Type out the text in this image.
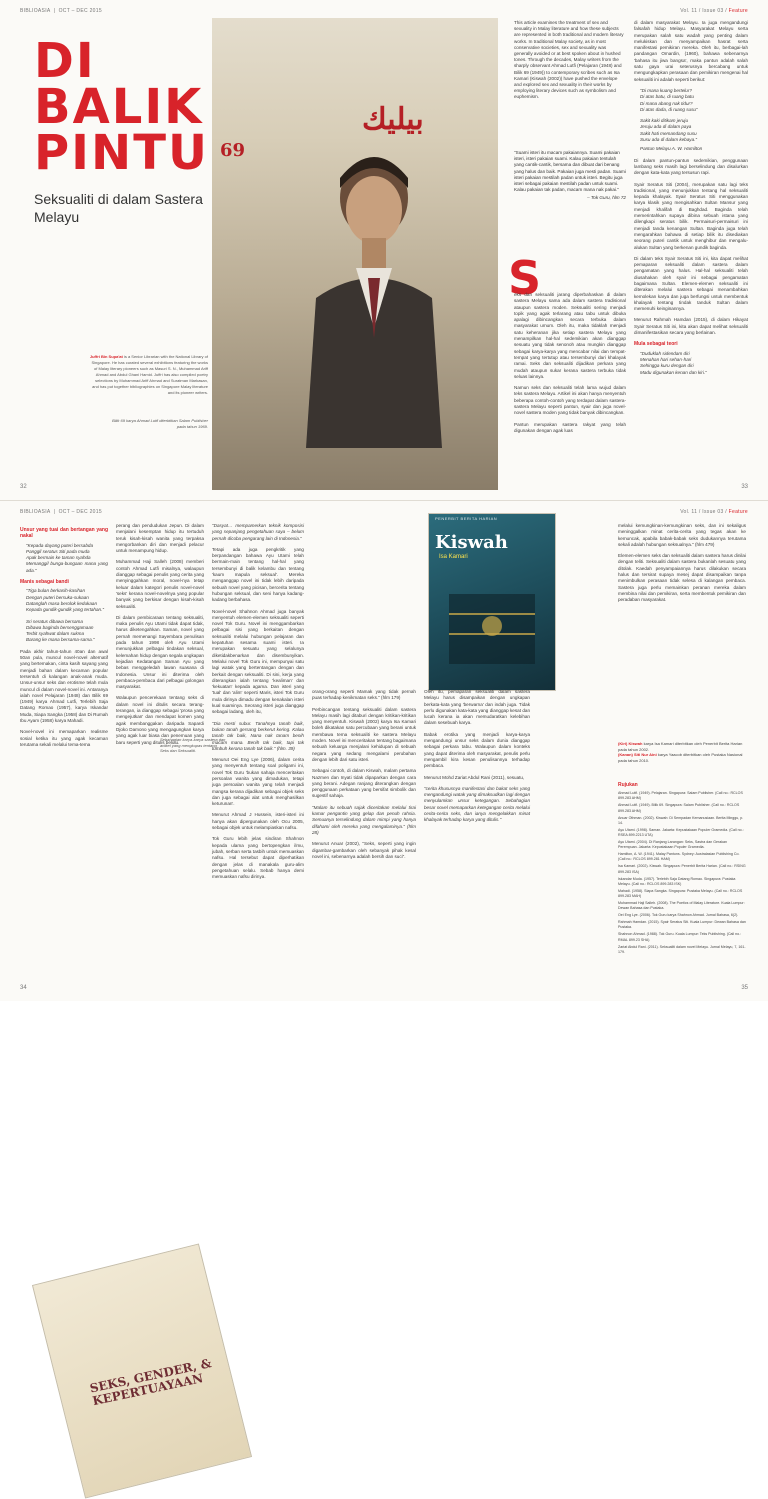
BIBLIOASIA  |  OCT – DEC 2015	Vol. 11 / Issue 03 / Feature
DI
BALIK
PINTU
Seksualiti di dalam Sastera Melayu
Juffri Bin Supa'at is a Senior Librarian with the National Library of Singapore. He has curated several exhibitions featuring the works of Malay literary pioneers such as Masuri S. N., Muhammad Ariff Ahmad and Abdul Ghani Hamid. Juffri has also compiled poetry selections by Muhammad Ariff Ahmad and Suratman Markasan, and has put together bibliographies on Singapore Malay literature and its pioneer writers.
Bilik 69 karya Ahmad Lutfi diterbitkan Salam Publisher pada tahun 1969.
32	33
69
بيليك

This article examines the treatment of sex and sexuality in Malay literature and how these subjects are represented in both traditional and modern literary works. In traditional Malay society, as in most conservative societies, sex and sexuality was generally avoided or at best spoken about in hushed tones. Through the decades, Malay writers from the sharply observant Ahmad Lutfi (Pelajaran (1948) and Bilik 69 (1949)) to contemporary scribes such as Isa Kamari (Kiswah (2002)) have pushed the envelope and explored sex and sexuality in their works by employing literary devices such as symbolism and euphemism.

"Suami isteri itu macam pakaiannya. Suami pakaian isteri, isteri pakaian suami. Kalau pakaian tentulah yang cantik-cantik, bersama dan dibuat dari benang yang halus dan baik. Pakaian juga mesti padan. Suami isteri pakaian mestilah padan untuk isteri. Begitu juga isteri sebagai pakaian mestilah padan untuk suami. Kalau pakaian tak padan, macam mana nak pakai."
– Tok Guru, hlm 72
S

eks dan seksualiti jarang diperbahaskan di dalam sastera Melayu sama ada dalam sastera tradisional ataupun sastera moden. Seksualiti sering menjadi topik yang agak terlarang atau tabu untuk dibuka apalagi dibincangkan secara terbuka dalam masyarakat umum. Oleh itu, maka tidaklah menjadi satu keheranan jika setiap sastera Melayu yang menampilkan hal-hal sedemikian akan dianggap sesuatu yang tidak senonoh atau mungkin dianggap sebagai karya-karya yang mencabar nilai dan tempat-tempat yang tertutup atau tersembunyi dari khalayak ramai. Seks dan seksualiti dijadikan perkara yang mudah ataupun sukar kerana sastera terbuka tidak seluas lainnya.

Namun seks dan seksualiti telah lama wujud dalam teks sastera Melayu. Artikel ini akan hanya menyentuh beberapa contoh-contoh yang terdapat dalam sastera-sastera Melayu seperti pantun, syair dan juga novel-novel sastera moden yang tidak banyak dibincangkan.

Pantun merupakan sastera rakyat yang telah digunakan dengan agak luas

di dalam masyarakat Melayu. Ia juga mengandungi falsafah hidup Melayu. Masyarakat Melayu serta merupakan salah satu wadah yang penting dalam melukiskan dan menyampaikan hasrat serta manifestasi pemikiran mereka. Oleh itu, berbagai-lah pandangan Omardin, (1960), bahawa sebenarnya 'bahasa itu jiwa bangsa', maka pantun adalah salah satu gaya urai seterusnya bercabang untuk mengungkapkan perasaan dan pemikiran mengenai hal seksualiti ini adalah seperti berikut:

"Di mana kuang bertelur?
Di atas batu, di ruang batu
Di mana abang nak tidur?
Di atas dada, di ruang susu"
Sakit kaki ditikam jeruju
Jeruju ada di dalam paya
Sakit hati memandang susu
Susu ada di dalam kebaya."
Pantun Melayu A. W. Hamilton

Di dalam pantun-pantun sedemikian, penggunaan lambang seks masih lagi berselindung dan disalurkan dengan kata-kata yang tersusun rapi.

Syair Seratus Siti (2004), merupakan satu lagi teks tradisional, yang menunjukkan tentang hal seksualiti kepada khalayak. Syair Seratus Siti menggunakan karya klasik yang mengisahkan Sultan Mansur yang menjadi khalifah di Baghdad. Baginda telah memerintahkan supaya dibina sebuah istana yang dilengkapi seratus bilik. Permaisuri-permaisuri ini menjadi tanda kenangan Sultan. Baginda juga telah mengarahkan bahawa di setiap bilik itu disediakan seorang puteri cantik untuk menghibur dan mengalu-alukan Sultan yang berkenan gundik baginda.

Di dalam teks Syair Seratus Siti ini, kita dapat melihat pemaparan seksualiti dalam sastera dalam pengamatan yang halus. Hal-hal seksualiti telah diusahakan oleh syair ini sebagai pengamatan bagaimana Sultan. Elemen-elemen seksualiti ini diterakan melalui sastera sebagai menambahkan kemolekan karya dan juga berfungsi untuk membentuk khalayak tentang tindak tanduk Sultan dalam memenuhi keinginannya.

Menurut Rahmah Hamdan (2015), di dalam Hikayat Syair Seratus Siti ini, kita akan dapat melihat seksualiti dimanifestasikan secara yang berlainan.

Mula sebagai teori
"Duduklah sidendam diri
Menahan hari seharı-hari
Sehingga kuru dengan diri
Madu digunakan kenan dan kiri."
BIBLIOASIA  |  OCT – DEC 2015	Vol. 11 / Issue 03 / Feature
34	35
Unsur yang tuai dan bertangan yang nakal
"Kepada dayang puteri bersabda
Panggil seratus Siti pada muda
Apak bermain ke taman syahda
Memanggil bunga-bungaan mana yang ada."
Manis sebagai bandi
"Tiga bulan berkasih-kasihan
Dengan puteri bersuka-sukaan
Datanglah masa berolok kedukaan
Kepada gundik-gundik yang tertahan."
Sri seratus dibawa bersama
Dibawa baginda bersenggamaan
Terbit syahwat dalam sukma
Barang ke mana bersama-sama."

Pada akhir tahun-tahun 40an dan awal 50an pula, muncul novel-novel alternatif yang bertemakan, cinta kasih sayang yang menjadi bahan dalam kecaman popular tersentuh di kalangan anak-anak muda. Unsur-unsur seks dan erotisme telah mula muncul di dalam novel-novel ini. Antaranya ialah novel Pelajaran (1948) dan Bilik 69 (1949) karya Ahmad Lutfi, Terlebih Saja Datang Romao (1957), karya Iskandar Muda, Siapa Sangka (1958) dan Di Rumah Ibu Ayam (1958) karya Mahadi.

Novel-novel ini memaparkan realisme sosial ketika itu yang agak kecaman terutama sekali melalui tema-tema

perang dan pendudukan Jepun. Di dalam menjalani kesemptan hidup itu tertuduh teruk kisah-kisah wanita yang terpaksa mengorbankan diri dan menjadi pelacur untuk menampung hidup.

Muhammad Haji Salleh (2008) memberi contoh Ahmad Lutfi misalnya, walaupun dianggap sebagai penulis yang cerita yang menyinggahkan moral, novel-nya tetap keluar dalam kategori penulis novel-novel 'seks' kerana novel-novelnya yang popular banyak yang berkisar dengan kisah-kisah seksualiti.

Di dalam pembicaraan tentang seksualiti, maka penulis Ayu Utami tidak dapat tidak, harus diketengahkan. Saman, novel yang pernah memenangi Sayembara penulisan pada tahun 1998 oleh Ayu Utami menunjukkan pelbagai tindakan seksual, kelemahan hidup dengan segala ungkapan kejadian Kedatangan Saman Ayu yang bebas menggeledah lawan suasana di Indonesia. Unsur ini diterima oleh pembaca-pembaca dari pelbagai golongan masyarakat.

Walaupun pencerekaan tentang seks di dalam novel ini ditulis secara terang-terangan, ia dianggap sebagai 'prosa yang mengejutkan' dan mendapat komen yang agak membanggakan daripada Sapardi Djoko Damono yang mengagungkan karya yang agak luar biasa dan penemuan yang baru seperti yang ditulis beliau.

Sebahagian karya-karya sastera dan artikel yang mengkupas tentang Seks dan Seksualiti.

"Dasyat… mempamerkan teknik komposisi yang sepanjang pengetahuan saya – belum pernah dicoba pengarang lain di Indonesia."

Tetapi ada juga pengkritik yang berpandangan bahawa Ayu Utami telah bermain-main tentang hal-hal yang tersembunyi di balik kelambu dan tentang 'kaum mapula seksual'. Mereka menganggap novel ini tidak lebih daripada sebuah novel yang picisan, bercerita tentang hubungan seksual, dan seni hanya kadang-kadang berbahasa.

Novel-novel Shahnon Ahmad juga banyak menyentuh elemen-elemen seksualiti seperti novel Tok Guru. Novel ini menggambarkan pelbagai sisi yang berkaitan dengan seksualiti melalui hubungan pelajaran dan kepatuhan sesama suami isteri. Ia merupakan sesuatu yang selalunya diketidakbenarkan dan disembunyikan. Melalui novel Tok Guru ini, mempunyai satu lagi watak yang bertentangan dengan dan berkait dengan seksualiti. Di sini, kerja yang diterangkan ialah tentang 'kealiman' dan 'kekuatan' kepada agama. Dan isteri yang 'tual' dan 'alim' seperti Maris, isteri Tok Guru mula dirinya dimadu dengan kenakalan isteri kual suaminya. Seorang isteri juga dianggap sebagai ladang, oleh itu,

"Dia mesti subur. Tanahnya tanah baik, bukan tanah gersang berkerut kering. Kalau tanah tak baik, Nana nak tanam benih macam mana. Benih tak baik, tapi tak tumbuh kerana tanah tak baik." (hlm. 39)

Menurut Oei Eng Lye (2006), dalam cerita yang menyentuh tentang soal poligami ini, novel Tok Guru 'bukan sahaja menceritakan persoalan wanita yang dimadukan, tetapi juga persoalan wanita yang telah menjadi mangsa kerana dijadikan sebagai objek seks dan juga sebagai alat untuk menghasilkan keturunan'.

Menurut Ahmad J Hussein, isteri-isteri ini hanya akan dipergunakan oleh Ocu 2005, sebagai objek untuk melampiaskan nafsu.

Tok Guru lebih jelas sindiran Shahnon kepada ulama yang bertopengkan ilmu, jubah, serban serta tasbih untuk memuaskan nafsu. Hal tersebut dapat diperhatikan dengan jelas di manakala guru-alim pengetahuan selalu. Sebab hanya demi memuaskan nafsu dirinya.

SEKS, GENDER, & KEPERTUAYAAN
PENERBIT BERITA HARIAN
Kiswah
Isa Kamari

orang-orang seperti Mamak yang tidak pernah puas terhadap kenikmatan seks." (hlm 179)

Perbincangan tentang seksualiti dalam sastera Melayu masih lagi ditaburi dengan kritikan-kritikan yang menyentuh. Kiswah (2002) karya Isa Kamari boleh dikatakan satu percubaan yang berani untuk membawa tema seksualiti ke sastera Melayu moden. Novel ini menceritakan tentang bagaimana sebuah keluarga menjalani kehidupan di sebuah negara yang sedang mengalami perubahan dengan lebih dari satu isteri.

Sebagai contoh, di dalam Kiswah, malam pertama Nazmen dan Inyati tidak dipaparkan dengan cara yang berani. Adegan ranjang diterangkan dengan penggunaan perkataan yang bersifat simbolik dan sugestif sahaja.

"Malam itu sebuah sajak diceritakan melalui tirai kamar pengantin yang gelap dan penuh rahsia. Semuanya terselindung dalam mimpi yang hanya difahami oleh mereka yang mengalaminya." (hlm 28)

Menurut Anuar (2002), "Seks, seperti yang ingin digambar-gambarkan oleh sebanyak pihak kesal novel ini, sebenarnya adalah bersih dan suci".

Oleh itu, pemaparan seksualiti dalam sastera Melayu harus disampaikan dengan ungkapan berkata-kata yang 'berwarna' dan indah juga. Tidak perlu digunakan kata-kata yang dianggap kesat dan lucah kerana ia akan memudaratkan kelebihan dalam sesebuah karya.

Babak erotika yang menjadi karya-karya mengandungi unsur seks dalam dunia dianggap sebagai perkara tabu. Walaupun dalam konteks yang dapat diterima oleh masyarakat, penulis perlu mengambil kira kesan penulisannya terhadap pembaca.

Menurut Mohd Zariat Abdul Rani (2011), sesuatu,

"cerita khususnya manifestasi dan bakat seks yang mengandungi watak yang dimaksudkan lagi dengan menyulamkan unsur ketegangan. Sebahagian besar novel memaparkan ketegangan cerita melalui cerita-cerita seks, dan ianya mengelakkan minat khalayak terhadap karya yang ditulis."

melalui kemungkinan-kemungkinan seks, dan ini sekaligus meninggalkan minat cerita-cerita yang tegas akan ke kemuncak, apabila babak-babak seks dudukannya terutama sekali adalah hubungan seksualnya." (hlm 479)

Elemen-elemen seks dan seksualiti dalam sastera harus dinilai dengan teliti. Seksualiti dalam sastera bukanlah sesuatu yang ditolak. Kaedah penyampaiannya harus dilakukan secara halus dan tersirat supaya mesej dapat disampaikan tanpa menimbulkan perasaan tidak selesa di kalangan pembaca. Sastera juga perlu memainkan peranan mereka dalam membina nilai dan pemikiran, serta membentuk pemikiran dan peradaban masyarakat.

(Kiri) Kiswah karya Isa Kamari diterbitkan oleh Penerbit Berita Harian pada tahun 2002.
(Kanan) Siti Nur Aini karya Yaacob diterbitkan oleh Pustaka Nasional pada tahun 2010.
Rujukan

Ahmad Lutfi. (1949). Pelajaran. Singapura: Salam Publisher. (Call no.: RCLOS 899.283 AHM)

Ahmad Lutfi. (1949). Bilik 69. Singapura: Salam Publisher. (Call no.: RCLOS 899.283 AHM)

Anuar Othman. (2002). Kiswah: Di Sempadan Kemanusiaan. Berita Minggu, p. 14.

Ayu Utami. (1998). Saman. Jakarta: Kepustakaan Populer Gramedia. (Call no.: RSEA 899.2213 UTA)

Ayu Utami. (2004). Di Ranjang Larangan: Seks, Sastra dan Gerakan Perempuan. Jakarta: Kepustakaan Populer Gramedia.

Hamilton, A. W. (1941). Malay Pantuns. Sydney: Australasian Publishing Co. (Call no.: RCLOS 899.281 HAM)

Isa Kamari. (2002). Kiswah. Singapura: Penerbit Berita Harian. (Call no.: RSING 899.283 ISA)

Iskandar Muda. (1957). Terlebih Saja Datang Romao. Singapura: Pustaka Melayu. (Call no.: RCLOS 899.283 ISK)

Mahadi. (1958). Siapa Sangka. Singapura: Pustaka Melayu. (Call no.: RCLOS 899.283 MAH)

Muhammad Haji Salleh. (2008). The Poetics of Malay Literature. Kuala Lumpur: Dewan Bahasa dan Pustaka.

Oei Eng Lye. (2006). Tok Guru karya Shahnon Ahmad. Jurnal Bahasa, 6(2).

Rahmah Hamdan. (2015). Syair Seratus Siti. Kuala Lumpur: Dewan Bahasa dan Pustaka.

Shahnon Ahmad. (1988). Tok Guru. Kuala Lumpur: Teks Publishing. (Call no.: RMAL 899.23 SHA)

Zariat Abdul Rani. (2011). Seksualiti dalam novel Melayu. Jurnal Melayu, 7, 161-179.
